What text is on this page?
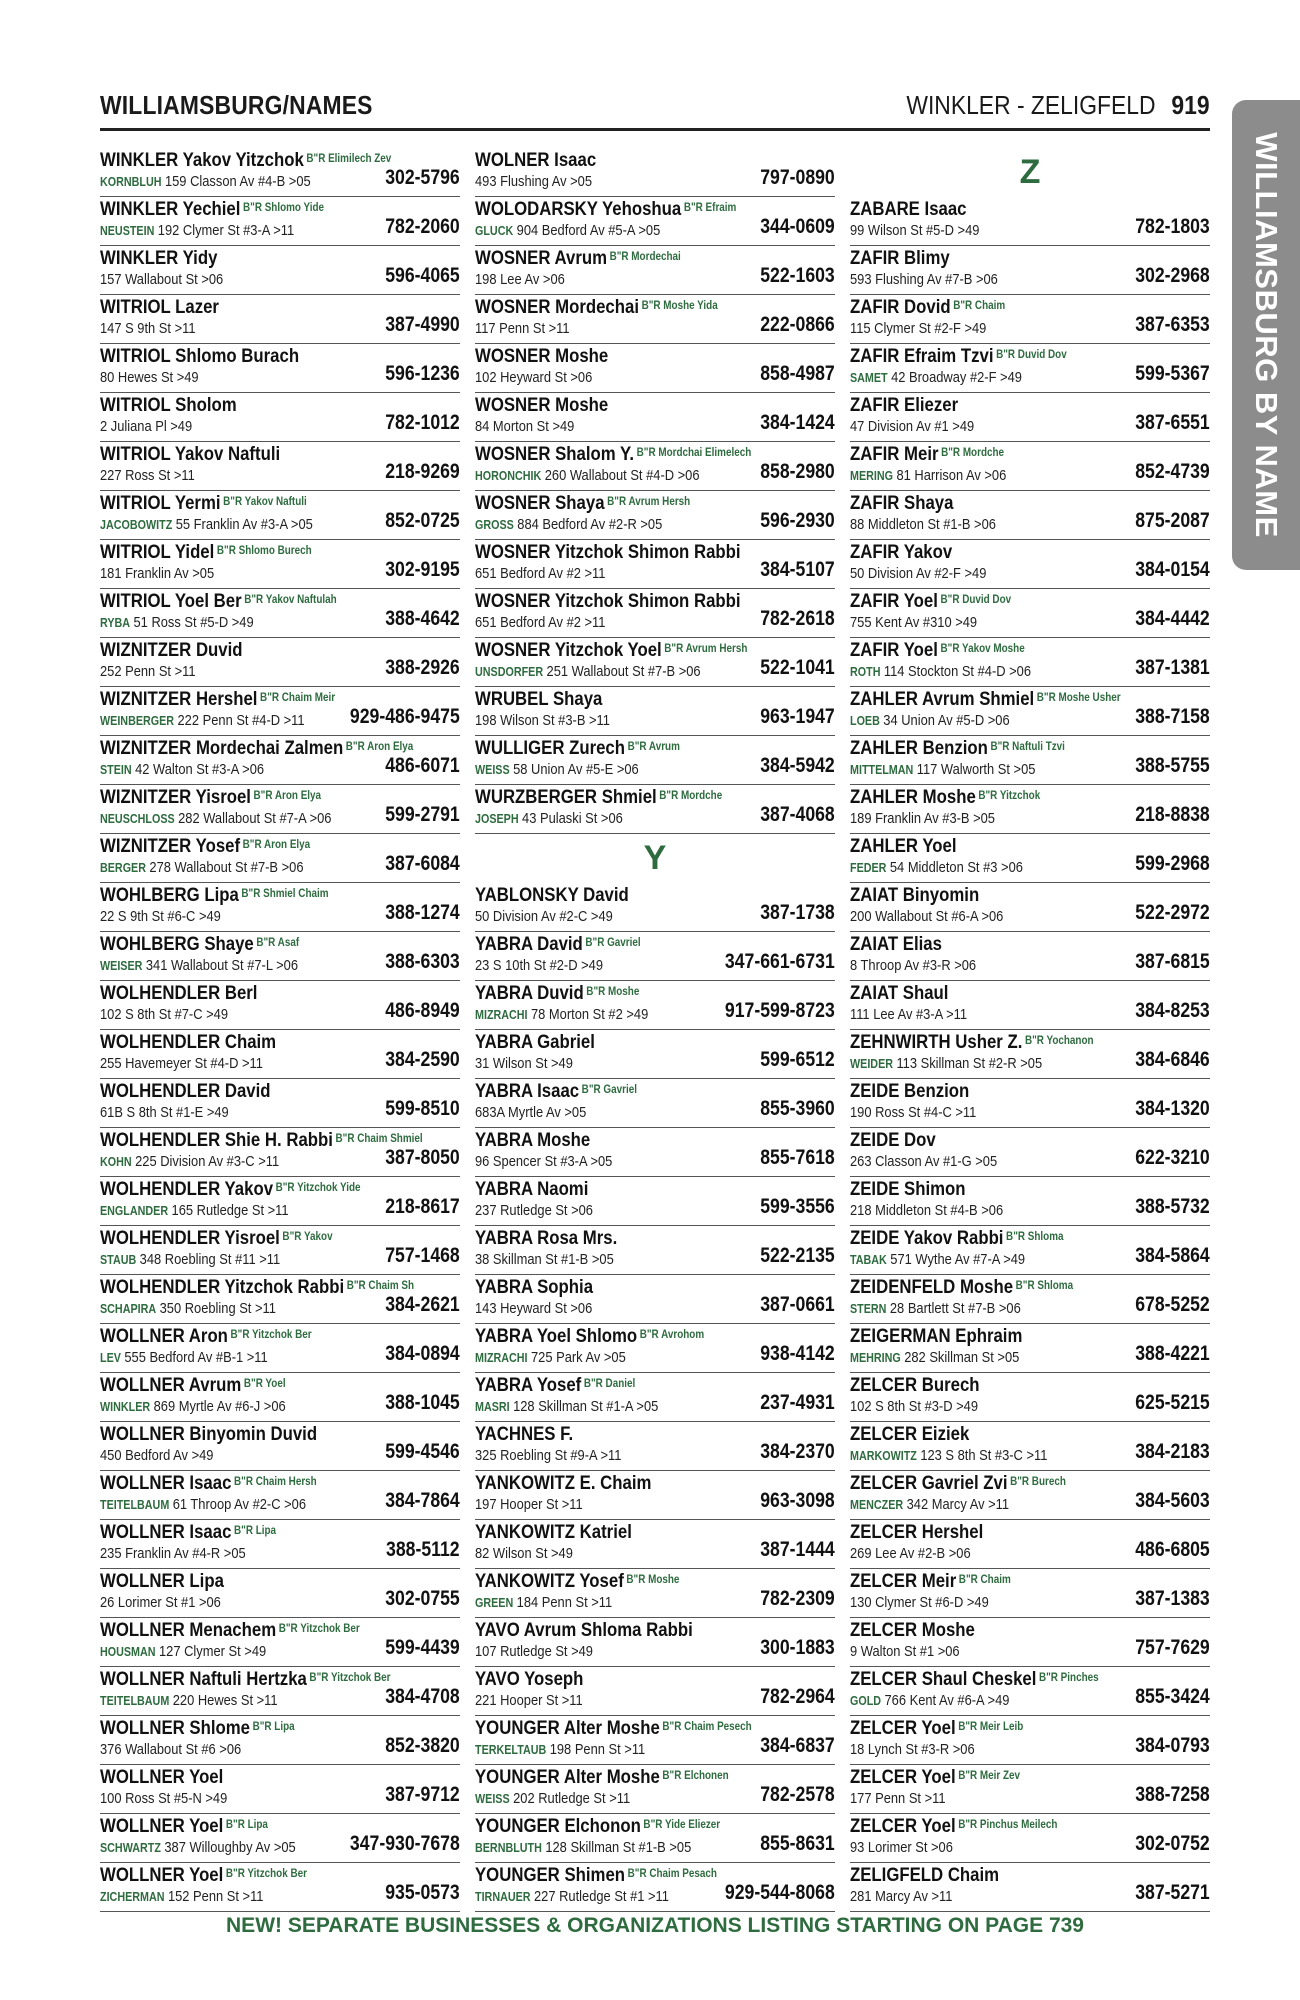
WILLIAMSBURG/NAMES	WINKLER - ZELIGFELD 919
WILLIAMSBURG BY NAME
WINKLER Yakov Yitzchok $^{B"R Elimilech Zev}$
KORNBLUH 159 Classon Av #4-B >05	302-5796
WINKLER Yechiel $^{B"R Shlomo Yide}$
NEUSTEIN 192 Clymer St #3-A >11	782-2060
WINKLER Yidy
157 Wallabout St >06	596-4065
WITRIOL Lazer
147 S 9th St >11	387-4990
WITRIOL Shlomo Burach
80 Hewes St >49	596-1236
WITRIOL Sholom
2 Juliana Pl >49	782-1012
WITRIOL Yakov Naftuli
227 Ross St >11	218-9269
WITRIOL Yermi $^{B"R Yakov Naftuli}$
JACOBOWITZ 55 Franklin Av #3-A >05	852-0725
WITRIOL Yidel $^{B"R Shlomo Burech}$
181 Franklin Av >05	302-9195
WITRIOL Yoel Ber $^{B"R Yakov Naftulah}$
RYBA 51 Ross St #5-D >49	388-4642
WIZNITZER Duvid
252 Penn St >11	388-2926
WIZNITZER Hershel $^{B"R Chaim Meir}$
WEINBERGER 222 Penn St #4-D >11 929-486-9475
WIZNITZER Mordechai Zalmen $^{B"R Aron Elya}$
STEIN 42 Walton St #3-A >06	486-6071
WIZNITZER Yisroel $^{B"R Aron Elya}$
NEUSCHLOSS 282 Wallabout St #7-A >06	599-2791
WIZNITZER Yosef $^{B"R Aron Elya}$
BERGER 278 Wallabout St #7-B >06	387-6084
WOHLBERG Lipa $^{B"R Shmiel Chaim}$
22 S 9th St #6-C >49	388-1274
WOHLBERG Shaye $^{B"R Asaf}$
WEISER 341 Wallabout St #7-L >06	388-6303
WOLHENDLER Berl
102 S 8th St #7-C >49	486-8949
WOLHENDLER Chaim
255 Havemeyer St #4-D >11	384-2590
WOLHENDLER David
61B S 8th St #1-E >49	599-8510
WOLHENDLER Shie H. Rabbi $^{B"R Chaim Shmiel}$
KOHN 225 Division Av #3-C >11	387-8050
WOLHENDLER Yakov $^{B"R Yitzchok Yide}$
ENGLANDER 165 Rutledge St >11	218-8617
WOLHENDLER Yisroel $^{B"R Yakov}$
STAUB 348 Roebling St #11 >11	757-1468
WOLHENDLER Yitzchok Rabbi $^{B"R Chaim Sh}$
SCHAPIRA 350 Roebling St >11	384-2621
WOLLNER Aron $^{B"R Yitzchok Ber}$
LEV 555 Bedford Av #B-1 >11	384-0894
WOLLNER Avrum $^{B"R Yoel}$
WINKLER 869 Myrtle Av #6-J >06	388-1045
WOLLNER Binyomin Duvid
450 Bedford Av >49	599-4546
WOLLNER Isaac $^{B"R Chaim Hersh}$
TEITELBAUM 61 Throop Av #2-C >06	384-7864
WOLLNER Isaac $^{B"R Lipa}$
235 Franklin Av #4-R >05	388-5112
WOLLNER Lipa
26 Lorimer St #1 >06	302-0755
WOLLNER Menachem $^{B"R Yitzchok Ber}$
HOUSMAN 127 Clymer St >49	599-4439
WOLLNER Naftuli Hertzka $^{B"R Yitzchok Ber}$
TEITELBAUM 220 Hewes St >11	384-4708
WOLLNER Shlome $^{B"R Lipa}$
376 Wallabout St #6 >06	852-3820
WOLLNER Yoel
100 Ross St #5-N >49	387-9712
WOLLNER Yoel $^{B"R Lipa}$
SCHWARTZ 387 Willoughby Av >05	347-930-7678
WOLLNER Yoel $^{B"R Yitzchok Ber}$
ZICHERMAN 152 Penn St >11	935-0573
WOLNER Isaac
493 Flushing Av >05	797-0890
WOLODARSKY Yehoshua $^{B"R Efraim}$
GLUCK 904 Bedford Av #5-A >05	344-0609
WOSNER Avrum $^{B"R Mordechai}$
198 Lee Av >06	522-1603
WOSNER Mordechai $^{B"R Moshe Yida}$
117 Penn St >11	222-0866
WOSNER Moshe
102 Heyward St >06	858-4987
WOSNER Moshe
84 Morton St >49	384-1424
WOSNER Shalom Y. $^{B"R Mordchai Elimelech}$
HORONCHIK 260 Wallabout St #4-D >06	858-2980
WOSNER Shaya $^{B"R Avrum Hersh}$
GROSS 884 Bedford Av #2-R >05	596-2930
WOSNER Yitzchok Shimon Rabbi
651 Bedford Av #2 >11	384-5107
WOSNER Yitzchok Shimon Rabbi
651 Bedford Av #2 >11	782-2618
WOSNER Yitzchok Yoel $^{B"R Avrum Hersh}$
UNSDORFER 251 Wallabout St #7-B >06	522-1041
WRUBEL Shaya
198 Wilson St #3-B >11	963-1947
WULLIGER Zurech $^{B"R Avrum}$
WEISS 58 Union Av #5-E >06	384-5942
WURZBERGER Shmiel $^{B"R Mordche}$
JOSEPH 43 Pulaski St >06	387-4068
Y
YABLONSKY David
50 Division Av #2-C >49	387-1738
YABRA David $^{B"R Gavriel}$
23 S 10th St #2-D >49	347-661-6731
YABRA Duvid $^{B"R Moshe}$
MIZRACHI 78 Morton St #2 >49	917-599-8723
YABRA Gabriel
31 Wilson St >49	599-6512
YABRA Isaac $^{B"R Gavriel}$
683A Myrtle Av >05	855-3960
YABRA Moshe
96 Spencer St #3-A >05	855-7618
YABRA Naomi
237 Rutledge St >06	599-3556
YABRA Rosa Mrs.
38 Skillman St #1-B >05	522-2135
YABRA Sophia
143 Heyward St >06	387-0661
YABRA Yoel Shlomo $^{B"R Avrohom}$
MIZRACHI 725 Park Av >05	938-4142
YABRA Yosef $^{B"R Daniel}$
MASRI 128 Skillman St #1-A >05	237-4931
YACHNES F.
325 Roebling St #9-A >11	384-2370
YANKOWITZ E. Chaim
197 Hooper St >11	963-3098
YANKOWITZ Katriel
82 Wilson St >49	387-1444
YANKOWITZ Yosef $^{B"R Moshe}$
GREEN 184 Penn St >11	782-2309
YAVO Avrum Shloma Rabbi
107 Rutledge St >49	300-1883
YAVO Yoseph
221 Hooper St >11	782-2964
YOUNGER Alter Moshe $^{B"R Chaim Pesech}$
TERKELTAUB 198 Penn St >11	384-6837
YOUNGER Alter Moshe $^{B"R Elchonen}$
WEISS 202 Rutledge St >11	782-2578
YOUNGER Elchonon $^{B"R Yide Eliezer}$
BERNBLUTH 128 Skillman St #1-B >05	855-8631
YOUNGER Shimen $^{B"R Chaim Pesach}$
TIRNAUER 227 Rutledge St #1 >11	929-544-8068
Z
ZABARE Isaac
99 Wilson St #5-D >49	782-1803
ZAFIR Blimy
593 Flushing Av #7-B >06	302-2968
ZAFIR Dovid $^{B"R Chaim}$
115 Clymer St #2-F >49	387-6353
ZAFIR Efraim Tzvi $^{B"R Duvid Dov}$
SAMET 42 Broadway #2-F >49	599-5367
ZAFIR Eliezer
47 Division Av #1 >49	387-6551
ZAFIR Meir $^{B"R Mordche}$
MERING 81 Harrison Av >06	852-4739
ZAFIR Shaya
88 Middleton St #1-B >06	875-2087
ZAFIR Yakov
50 Division Av #2-F >49	384-0154
ZAFIR Yoel $^{B"R Duvid Dov}$
755 Kent Av #310 >49	384-4442
ZAFIR Yoel $^{B"R Yakov Moshe}$
ROTH 114 Stockton St #4-D >06	387-1381
ZAHLER Avrum Shmiel $^{B"R Moshe Usher}$
LOEB 34 Union Av #5-D >06	388-7158
ZAHLER Benzion $^{B"R Naftuli Tzvi}$
MITTELMAN 117 Walworth St >05	388-5755
ZAHLER Moshe $^{B"R Yitzchok}$
189 Franklin Av #3-B >05	218-8838
ZAHLER Yoel
FEDER 54 Middleton St #3 >06	599-2968
ZAIAT Binyomin
200 Wallabout St #6-A >06	522-2972
ZAIAT Elias
8 Throop Av #3-R >06	387-6815
ZAIAT Shaul
111 Lee Av #3-A >11	384-8253
ZEHNWIRTH Usher Z. $^{B"R Yochanon}$
WEIDER 113 Skillman St #2-R >05	384-6846
ZEIDE Benzion
190 Ross St #4-C >11	384-1320
ZEIDE Dov
263 Classon Av #1-G >05	622-3210
ZEIDE Shimon
218 Middleton St #4-B >06	388-5732
ZEIDE Yakov Rabbi $^{B"R Shloma}$
TABAK 571 Wythe Av #7-A >49	384-5864
ZEIDENFELD Moshe $^{B"R Shloma}$
STERN 28 Bartlett St #7-B >06	678-5252
ZEIGERMAN Ephraim
MEHRING 282 Skillman St >05	388-4221
ZELCER Burech
102 S 8th St #3-D >49	625-5215
ZELCER Eiziek
MARKOWITZ 123 S 8th St #3-C >11	384-2183
ZELCER Gavriel Zvi $^{B"R Burech}$
MENCZER 342 Marcy Av >11	384-5603
ZELCER Hershel
269 Lee Av #2-B >06	486-6805
ZELCER Meir $^{B"R Chaim}$
130 Clymer St #6-D >49	387-1383
ZELCER Moshe
9 Walton St #1 >06	757-7629
ZELCER Shaul Cheskel $^{B"R Pinches}$
GOLD 766 Kent Av #6-A >49	855-3424
ZELCER Yoel $^{B"R Meir Leib}$
18 Lynch St #3-R >06	384-0793
ZELCER Yoel $^{B"R Meir Zev}$
177 Penn St >11	388-7258
ZELCER Yoel $^{B"R Pinchus Meilech}$
93 Lorimer St >06	302-0752
ZELIGFELD Chaim
281 Marcy Av >11	387-5271
NEW! SEPARATE BUSINESSES & ORGANIZATIONS LISTING STARTING ON PAGE 739
